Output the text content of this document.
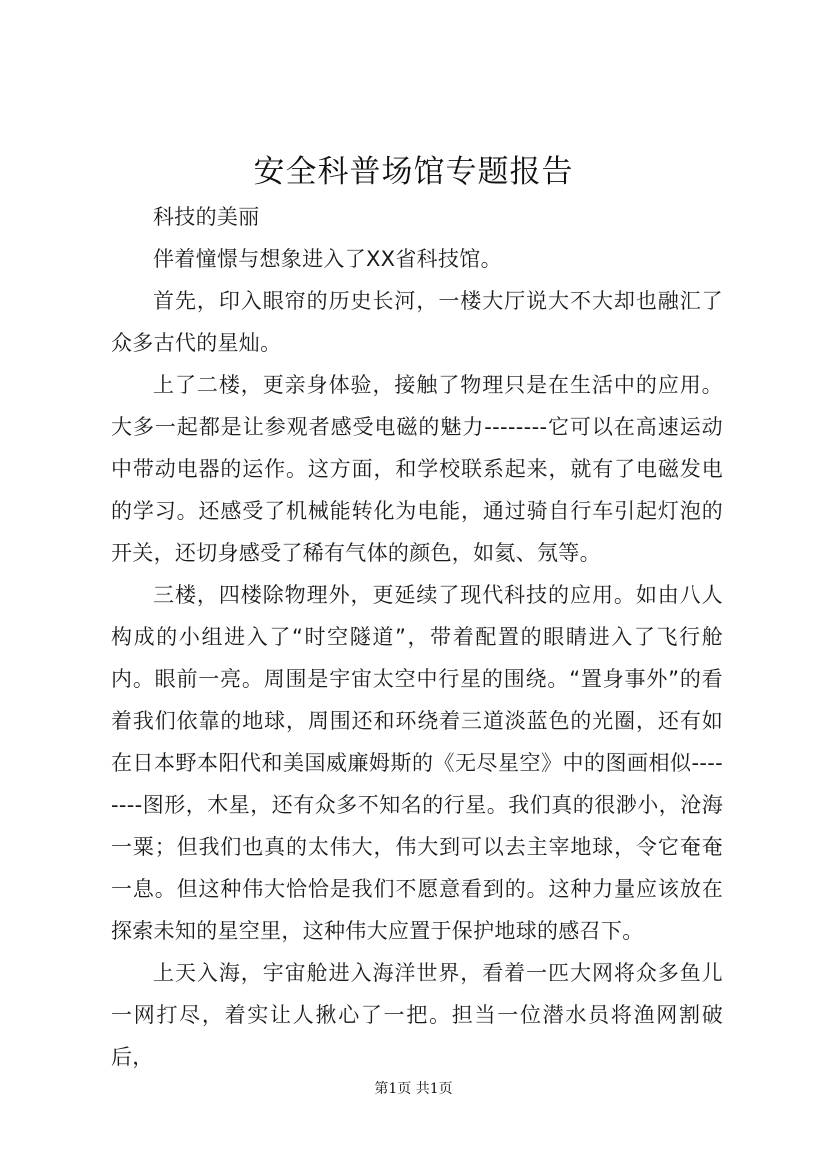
安全科普场馆专题报告

科技的美丽

伴着憧憬与想象进入了XX省科技馆。

首先，印入眼帘的历史长河，一楼大厅说大不大却也融汇了众多古代的星灿。

上了二楼，更亲身体验，接触了物理只是在生活中的应用。大多一起都是让参观者感受电磁的魅力--------它可以在高速运动中带动电器的运作。这方面，和学校联系起来，就有了电磁发电的学习。还感受了机械能转化为电能，通过骑自行车引起灯泡的开关，还切身感受了稀有气体的颜色，如氦、氖等。

三楼，四楼除物理外，更延续了现代科技的应用。如由八人构成的小组进入了“时空隧道”，带着配置的眼睛进入了飞行舱内。眼前一亮。周围是宇宙太空中行星的围绕。“置身事外”的看着我们依靠的地球，周围还和环绕着三道淡蓝色的光圈，还有如在日本野本阳代和美国威廉姆斯的《无尽星空》中的图画相似--------图形，木星，还有众多不知名的行星。我们真的很渺小，沧海一粟；但我们也真的太伟大，伟大到可以去主宰地球，令它奄奄一息。但这种伟大恰恰是我们不愿意看到的。这种力量应该放在探索未知的星空里，这种伟大应置于保护地球的感召下。

上天入海，宇宙舱进入海洋世界，看着一匹大网将众多鱼儿一网打尽，着实让人揪心了一把。担当一位潜水员将渔网割破后，

第1页 共1页
